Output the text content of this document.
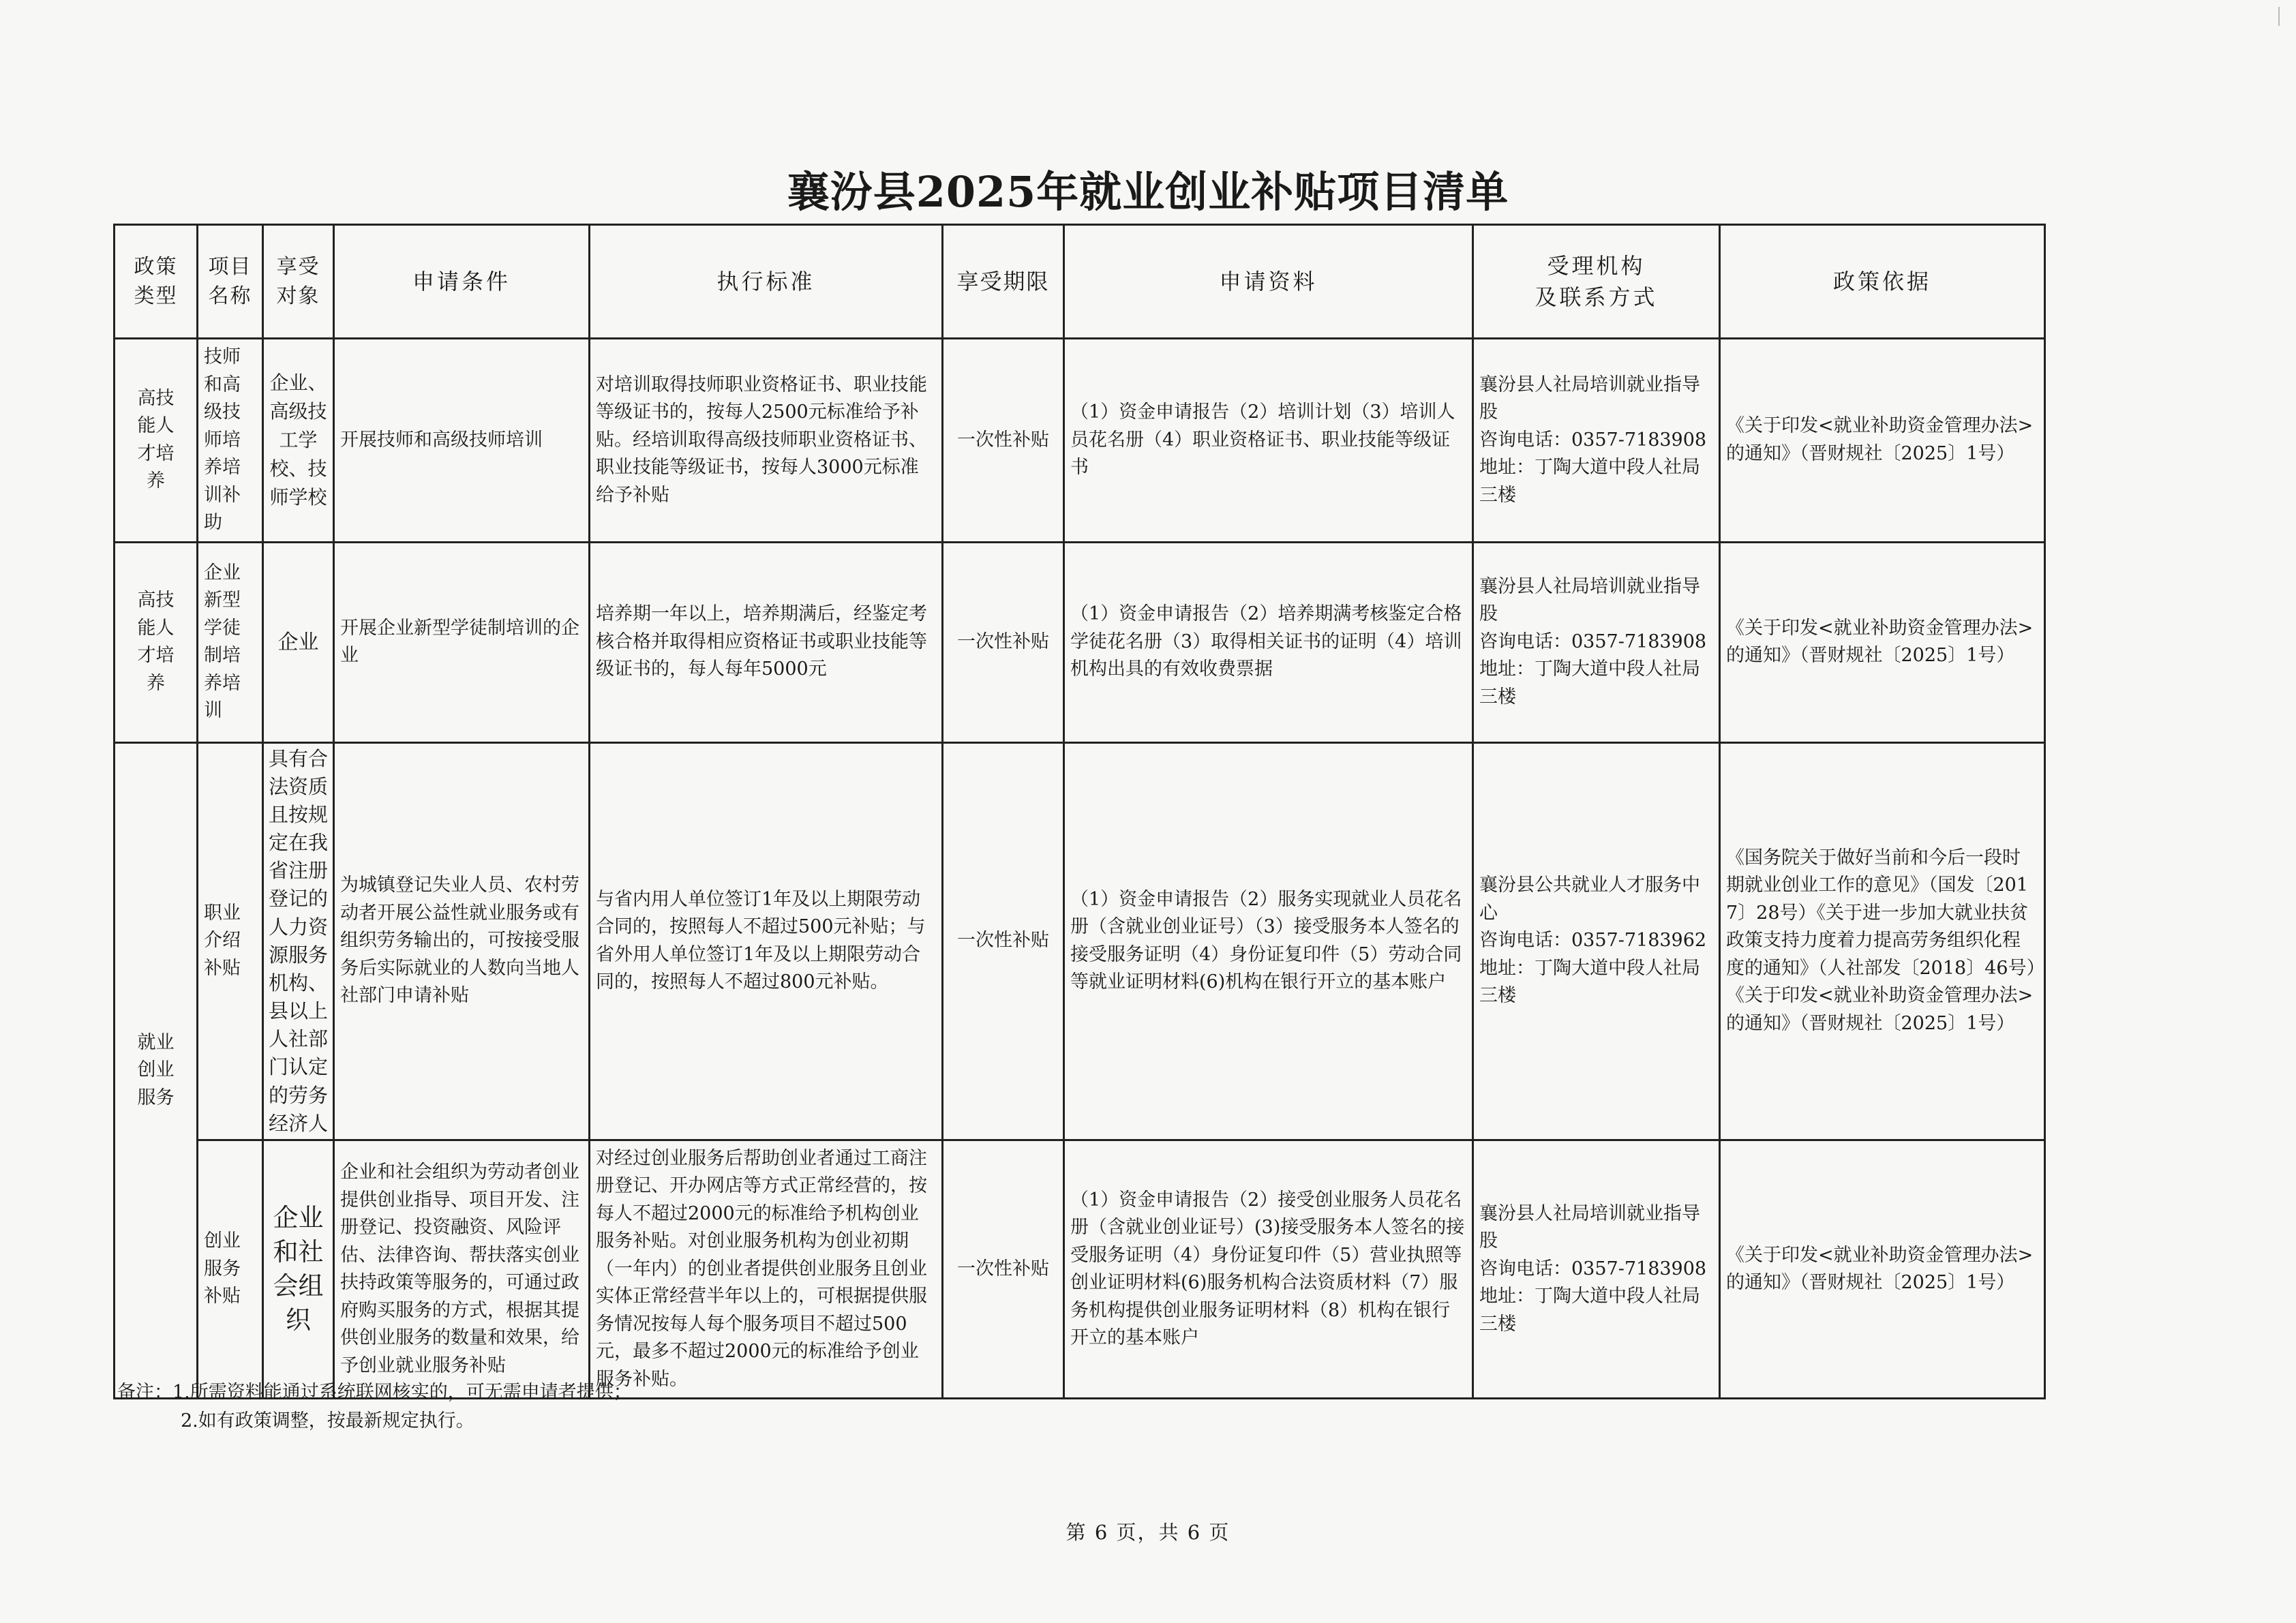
襄汾县2025年就业创业补贴项目清单
政策
类型	项目
名称	享受
对象	申请条件	执行标准	享受期限	申请资料	受理机构
及联系方式	政策依据
高技
能人
才培
养	技师和高级技师培养培训补助	企业、高级技工学校、技师学校	开展技师和高级技师培训	对培训取得技师职业资格证书、职业技能等级证书的，按每人2500元标准给予补贴。经培训取得高级技师职业资格证书、职业技能等级证书，按每人3000元标准给予补贴	一次性补贴	（1）资金申请报告（2）培训计划（3）培训人员花名册（4）职业资格证书、职业技能等级证书	襄汾县人社局培训就业指导股
咨询电话：0357-7183908
地址：丁陶大道中段人社局三楼	《关于印发<就业补助资金管理办法>的通知》（晋财规社〔2025〕1号）
高技
能人
才培
养	企业新型学徒制培养培训	企业	开展企业新型学徒制培训的企业	培养期一年以上，培养期满后，经鉴定考核合格并取得相应资格证书或职业技能等级证书的，每人每年5000元	一次性补贴	（1）资金申请报告（2）培养期满考核鉴定合格学徒花名册（3）取得相关证书的证明（4）培训机构出具的有效收费票据	襄汾县人社局培训就业指导股
咨询电话：0357-7183908
地址：丁陶大道中段人社局三楼	《关于印发<就业补助资金管理办法>的通知》（晋财规社〔2025〕1号）
就业
创业
服务	职业介绍补贴	具有合法资质且按规定在我省注册登记的人力资源服务机构、县以上人社部门认定的劳务经济人	为城镇登记失业人员、农村劳动者开展公益性就业服务或有组织劳务输出的，可按接受服务后实际就业的人数向当地人社部门申请补贴	与省内用人单位签订1年及以上期限劳动合同的，按照每人不超过500元补贴；与省外用人单位签订1年及以上期限劳动合同的，按照每人不超过800元补贴。	一次性补贴	（1）资金申请报告（2）服务实现就业人员花名册（含就业创业证号）（3）接受服务本人签名的接受服务证明（4）身份证复印件（5）劳动合同等就业证明材料(6)机构在银行开立的基本账户	襄汾县公共就业人才服务中心
咨询电话：0357-7183962
地址：丁陶大道中段人社局三楼	《国务院关于做好当前和今后一段时期就业创业工作的意见》（国发〔2017〕28号）《关于进一步加大就业扶贫政策支持力度着力提高劳务组织化程度的通知》（人社部发〔2018〕46号）《关于印发<就业补助资金管理办法>的通知》（晋财规社〔2025〕1号）
	创业服务补贴	企业
和社
会组
织	企业和社会组织为劳动者创业提供创业指导、项目开发、注册登记、投资融资、风险评估、法律咨询、帮扶落实创业扶持政策等服务的，可通过政府购买服务的方式，根据其提供创业服务的数量和效果，给予创业就业服务补贴	对经过创业服务后帮助创业者通过工商注册登记、开办网店等方式正常经营的，按每人不超过2000元的标准给予机构创业服务补贴。对创业服务机构为创业初期（一年内）的创业者提供创业服务且创业实体正常经营半年以上的，可根据提供服务情况按每人每个服务项目不超过500元，最多不超过2000元的标准给予创业服务补贴。	一次性补贴	（1）资金申请报告（2）接受创业服务人员花名册（含就业创业证号）(3)接受服务本人签名的接受服务证明（4）身份证复印件（5）营业执照等创业证明材料(6)服务机构合法资质材料（7）服务机构提供创业服务证明材料（8）机构在银行开立的基本账户	襄汾县人社局培训就业指导股
咨询电话：0357-7183908
地址：丁陶大道中段人社局三楼	《关于印发<就业补助资金管理办法>的通知》（晋财规社〔2025〕1号）
备注：1.所需资料能通过系统联网核实的，可无需申请者提供；
2.如有政策调整，按最新规定执行。
第 6 页，共 6 页
